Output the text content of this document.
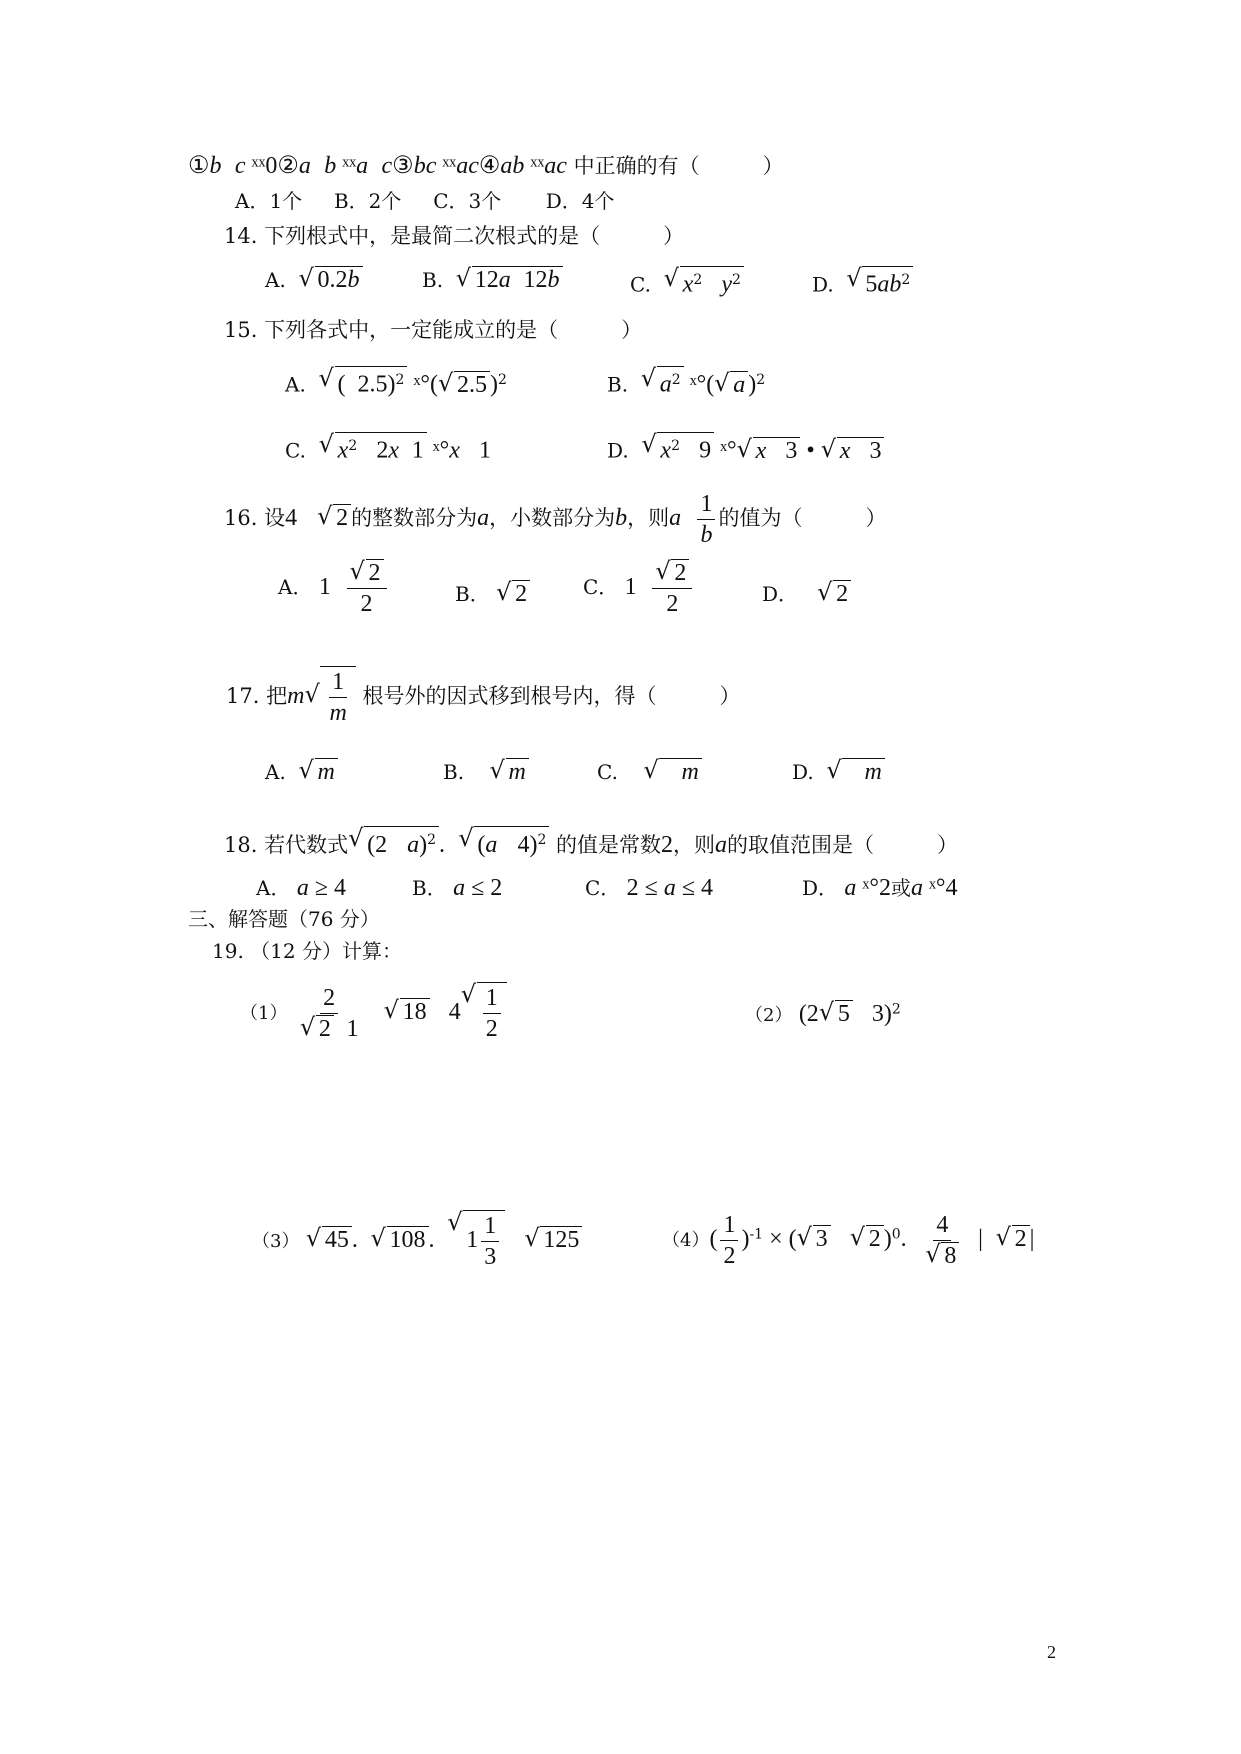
①b c ˣˣ0②a b ˣˣa c③bc ˣˣac④ab ˣˣac 中正确的有（　　　）
A．1个 B．2个 C．3个 D．4个
14. 下列根式中，是最简二次根式的是（　　　）
A. √ 0.2b	B. √ 12a 12b	C. √ $x^2$ $y^2$	D. √ $5ab^2$
15. 下列各式中，一定能成立的是（　　　）
A. √ (  2.5)$^2$ ˣ°( √ 2.5 )$^2$	B. √ $a^2$ ˣ°( √ a )$^2$
C. √ $x^2$ 2x 1 ˣ°x 1	D. √ $x^2$ 9 ˣ° √ x 3 • √ x 3
16. 设4 √ 2 的整数部分为a，小数部分为b，则a $\frac{1}{b}$ 的值为（　　　）
A． 1 √ $\frac{2}{2}$	B． √ 2	C． 1 √ $\frac{2}{2}$	D． √ 2
17. 把m √ $\frac{1}{m}$ 根号外的因式移到根号内，得（　　　）
A. √ m	B. √ m	C.	√    m	D. √    m
18. 若代数式 √ (2 a)$^2$ . √ (a 4)$^2$ 的值是常数2，则a的取值范围是（　　　）
A． a ≥ 4	B． a ≤ 2	C． 2 ≤ a ≤ 4	D． a ˣ°2或a ˣ°4
三、解答题（76 分）
19. （12 分）计算：
（1） 2
√ 2 1 √ 18 4 √ $\frac{1}{2}$	（2） (2 √ 5 3)$^2$
（3） √ 45 . √ 108 . √ $1 \frac{1}{3}$ √ 125	$(4)( \frac{1}{2} )^{-1}$ × ( √ 3 √ 2 )$^0$. 4
√ 8 | √ 2 |
2
